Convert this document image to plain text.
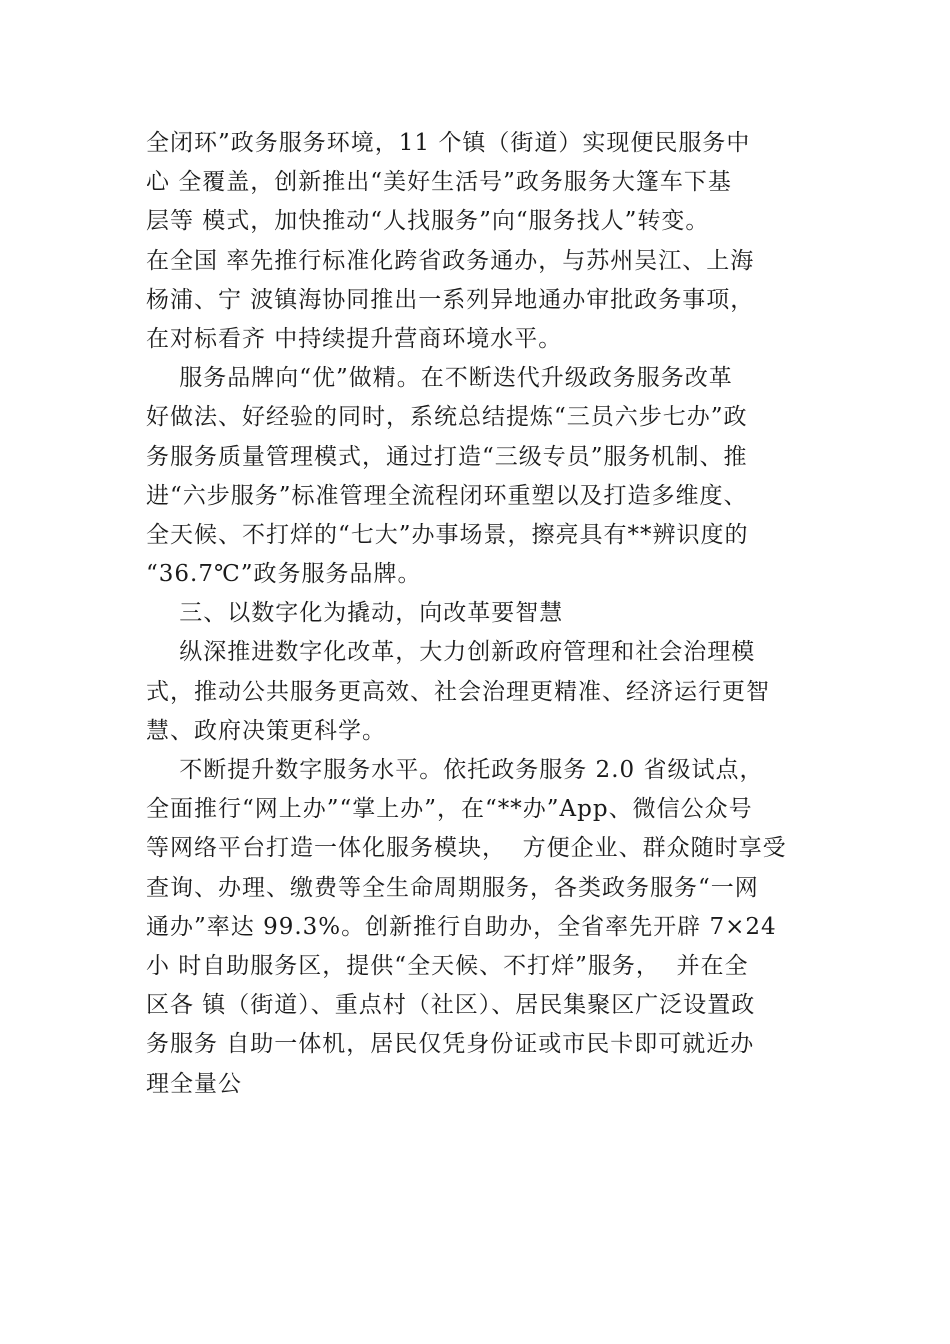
全闭环”政务服务环境，11 个镇（街道）实现便民服务中
心 全覆盖，创新推出“美好生活号”政务服务大篷车下基
层等 模式，加快推动“人找服务”向“服务找人”转变。
在全国 率先推行标准化跨省政务通办，与苏州吴江、上海
杨浦、宁 波镇海协同推出一系列异地通办审批政务事项，
在对标看齐 中持续提升营商环境水平。
服务品牌向“优”做精。在不断迭代升级政务服务改革
好做法、好经验的同时，系统总结提炼“三员六步七办”政
务服务质量管理模式，通过打造“三级专员”服务机制、推
进“六步服务”标准管理全流程闭环重塑以及打造多维度、
全天候、不打烊的“七大”办事场景，擦亮具有**辨识度的
“36.7℃”政务服务品牌。
三、以数字化为撬动，向改革要智慧
纵深推进数字化改革，大力创新政府管理和社会治理模
式，推动公共服务更高效、社会治理更精准、经济运行更智
慧、政府决策更科学。
不断提升数字服务水平。依托政务服务 2.0 省级试点，
全面推行“网上办”“掌上办”，在“**办”App、微信公众号
等网络平台打造一体化服务模块，  方便企业、群众随时享受
查询、办理、缴费等全生命周期服务，各类政务服务“一网
通办”率达 99.3%。创新推行自助办，全省率先开辟 7×24
小 时自助服务区，提供“全天候、不打烊”服务，  并在全
区各 镇（街道）、重点村（社区）、居民集聚区广泛设置政
务服务 自助一体机，居民仅凭身份证或市民卡即可就近办
理全量公
